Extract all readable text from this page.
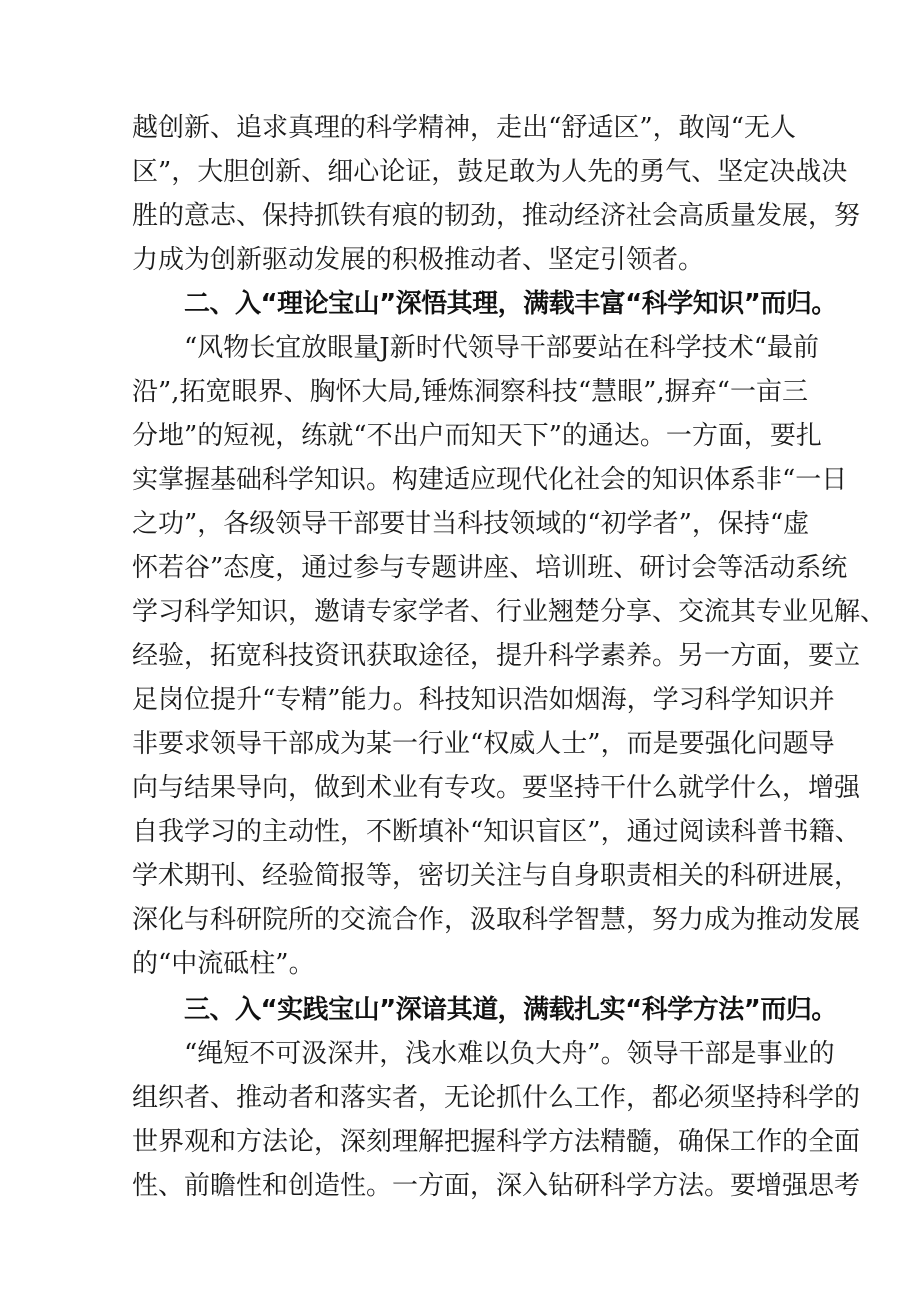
越创新、追求真理的科学精神，走出“舒适区”，敢闯“无人
区”，大胆创新、细心论证，鼓足敢为人先的勇气、坚定决战决
胜的意志、保持抓铁有痕的韧劲，推动经济社会高质量发展，努
力成为创新驱动发展的积极推动者、坚定引领者。
二、入“理论宝山”深悟其理，满载丰富“科学知识”而归。
“风物长宜放眼量J新时代领导干部要站在科学技术“最前
沿”,拓宽眼界、胸怀大局,锤炼洞察科技“慧眼”,摒弃“一亩三
分地”的短视，练就“不出户而知天下”的通达。一方面，要扎
实掌握基础科学知识。构建适应现代化社会的知识体系非“一日
之功”，各级领导干部要甘当科技领域的“初学者”，保持“虚
怀若谷”态度，通过参与专题讲座、培训班、研讨会等活动系统
学习科学知识，邀请专家学者、行业翘楚分享、交流其专业见解、
经验，拓宽科技资讯获取途径，提升科学素养。另一方面，要立
足岗位提升“专精”能力。科技知识浩如烟海，学习科学知识并
非要求领导干部成为某一行业“权威人士”，而是要强化问题导
向与结果导向，做到术业有专攻。要坚持干什么就学什么，增强
自我学习的主动性，不断填补“知识盲区”，通过阅读科普书籍、
学术期刊、经验简报等，密切关注与自身职责相关的科研进展，
深化与科研院所的交流合作，汲取科学智慧，努力成为推动发展
的“中流砥柱”。
三、入“实践宝山”深谙其道，满载扎实“科学方法”而归。
“绳短不可汲深井，浅水难以负大舟”。领导干部是事业的
组织者、推动者和落实者，无论抓什么工作，都必须坚持科学的
世界观和方法论，深刻理解把握科学方法精髓，确保工作的全面
性、前瞻性和创造性。一方面，深入钻研科学方法。要增强思考
